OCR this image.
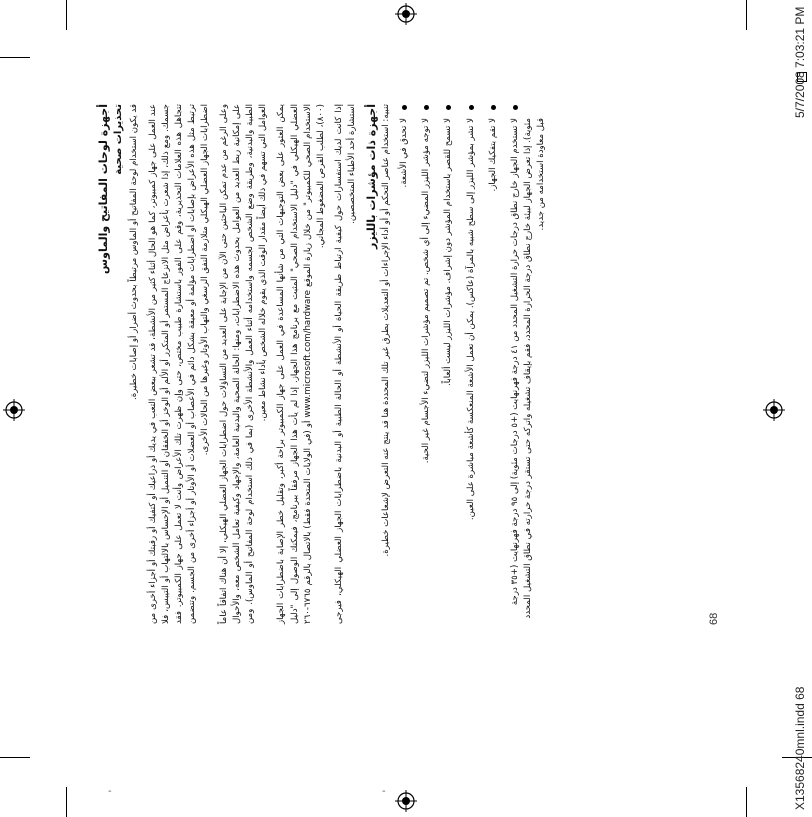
X13568240mnl.indd 68
5/7/2008 7:03:21 PM
68
-	-
أجهزة لوحات المفاتيح والماوس تحذيرات صحية قد يكون استخدام لوحة المفاتيح أو الماوس مرتبطاً بحدوث أضرار أو إصابات خطيرة. عند العمل على جهاز كمبيوتر، كما هو الحال أثناء كثير من الأنشطة، قد تشعر ببعض التعب في يديك أو ذراعيك أو كتفيك أو رقبتك أو أجزاء أخرى من جسمك. ومع ذلك، إذا شعرت بأعراض مثل الانزعاج المستمر أو المتكرر أو الألم أو الوخز أو الخفقان أو التنميل أو الإحساس بالالتهاب أو التيبس، فلا تتجاهل هذه العلامات التحذيرية، وقم على الفور باستشارة طبيب مختص، حتى وإن ظهرت تلك الأعراض وأنت لا تعمل على جهاز الكمبيوتر. فقد ترتبط مثل هذه الأعراض بإصابات أو اضطرابات مؤلمة أو معيقة بشكل دائم في الأعصاب أو العضلات أو الأوتار أو أجزاء أخرى من الجسم. وتتضمن اضطرابات الجهاز العضلي الهيكلي متلازمة النفق الرسغي والتهاب الأوتار وغيرها من الحالات الأخرى. وعلى الرغم من عدم تمكن الباحثين حتى الآن من الإجابة على العديد من التساؤلات حول اضطرابات الجهاز العضلي الهيكلي، إلا أن هناك اتفاقاً عاماً على إمكانية ربط العديد من العوامل بحدوث هذه الاضطرابات، ومنها: الحالة الصحية والبدنية العامة، والإجهاد وكيفية تعامل الشخص معه، والأحوال الطبية والبدنية، وطريقة وضع الشخص لجسمه واستخدامه أثناء العمل والأنشطة الأخرى (بما في ذلك استخدام لوحة المفاتيح أو الماوس). ومن العوامل التي تسهم في ذلك أيضاً مقدار الوقت الذي يقوم خلاله الشخص بأداء نشاط معين. يمكن العثور على بعض التوجيهات التي من شأنها المساعدة في العمل على جهاز الكمبيوتر براحة أكبر، وتقليل خطر الإصابة باضطرابات الجهاز العضلي الهيكلي في "دليل الاستخدام الصحي" المثبت مع برنامج هذا الجهاز. إذا لم يأت هذا الجهاز مرفقاً ببرنامج، فيمكنك الوصول إلى "دليل الاستخدام الصحي للكمبيوتر" من خلال زيارة الموقع www.microsoft.com/hardware أو (في الولايات المتحدة فقط) بالاتصال بالرقم ٦٧٦٥-٢٦٠ (٨٠٠)، لطلب القرص المضغوط المجاني. إذا كانت لديك استفسارات حول كيفية ارتباط طريقة الحياة أو الأنشطة أو الحالة الطبية أو البدنية باضطرابات الجهاز العضلي الهيكلي، فيرجى استشارة أحد الأطباء المتخصصين. أجهزة ذات مؤشرات بالليزر تنبيه: استخدام عناصر التحكم أو أو أداء الإجراءات أو التعديلات بطرق غير تلك المحددة هنا قد ينتج عنه التعرض لإشعاعات خطيرة. لا تحدق في الأشعة. لا توجه مؤشر الليزر المضيء إلى أي شخص. تم تصميم مؤشرات الليزر لتضيء الأجسام غير الحية. لا تسمح للقصر باستخدام المؤشر دون إشراف. مؤشرات الليزر ليست ألعاباً. لا تشر بمؤشر الليزر إلى سطح شبيه بالمرآة (عاكس). يمكن أن تعمل الأشعة المنعكسة كأشعة مباشرة على العين. لا تقم بتفكيك الجهاز.
لا تستخدم الجهاز خارج نطاق درجات حرارة التشغيل المحدد من ٤١ درجة فهرنهايت (+٥ درجات مئوية) إلى ٩٥ درجة فهرنهايت (+٣٥ درجة مئوية). إذا تعرض الجهاز لبيئة خارج نطاق درجة الحرارة المحدد، فقم بإيقاف تشغيله واتركه حتى تستقر درجة حرارته في نطاق التشغيل المحدد قبل معاودة استخدامه من جديد.
